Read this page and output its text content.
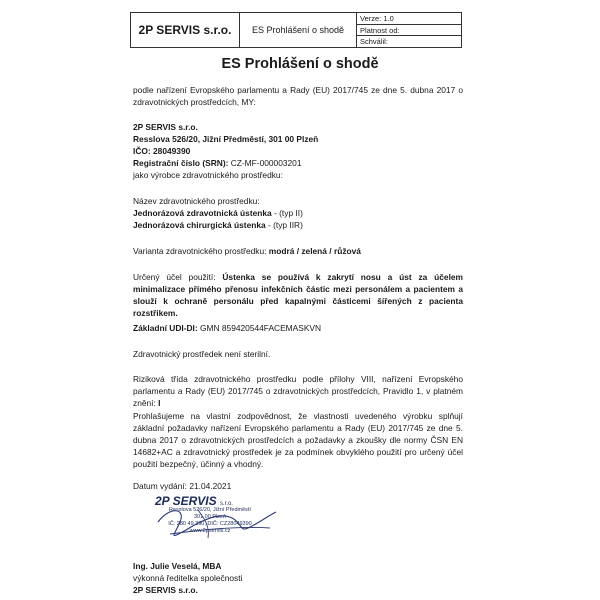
2P SERVIS s.r.o.	ES Prohlášení o shodě
Verze: 1.0
Platnost od:
Schválil:
ES Prohlášení o shodě

podle nařízení Evropského parlamentu a Rady (EU) 2017/745 ze dne 5. dubna 2017 o zdravotnických prostředcích, MY:

2P SERVIS s.r.o.

Resslova 526/20, Jižní Předměstí, 301 00 Plzeň

IČO: 28049390

Registrační číslo (SRN): CZ-MF-000003201

jako výrobce zdravotnického prostředku:

Název zdravotnického prostředku:

Jednorázová zdravotnická ústenka - (typ II)

Jednorázová chirurgická ústenka - (typ IIR)

Varianta zdravotnického prostředku: modrá / zelená / růžová

Určený účel použití: Ústenka se používá k zakrytí nosu a úst za účelem minimalizace přímého přenosu infekčních částic mezi personálem a pacientem a slouží k ochraně personálu před kapalnými částicemi šířených z pacienta rozstřikem.

Základní UDI-DI: GMN 859420544FACEMASKVN

Zdravotnický prostředek není sterilní.

Riziková třída zdravotnického prostředku podle přílohy VIII, nařízení Evropského parlamentu a Rady (EU) 2017/745 o zdravotnických prostředcích, Pravidlo 1, v platném znění: I

Prohlašujeme na vlastní zodpovědnost, že vlastnosti uvedeného výrobku splňují základní požadavky nařízení Evropského parlamentu a Rady (EU) 2017/745 ze dne 5. dubna 2017 o zdravotnických prostředcích a požadavky a zkoušky dle normy ČSN EN 14682+AC a zdravotnický prostředek je za podmínek obvyklého použití pro určený účel použití bezpečný, účinný a vhodný.

Datum vydání: 21.04.2021

2P SERVIS s.r.o.
Resslova 526/20, Jižní Předměstí
301 00 Plzeň
IČ: 280 49 390, DIČ: CZ28049390
www.2pservis.cz

Ing. Julie Veselá, MBA

výkonná ředitelka společnosti

2P SERVIS s.r.o.
